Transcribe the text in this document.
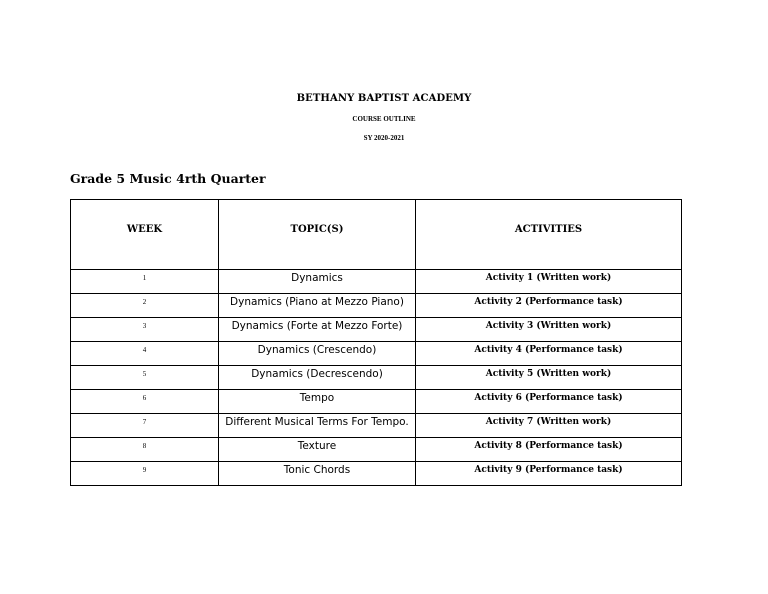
BETHANY BAPTIST ACADEMY
COURSE OUTLINE
SY 2020-2021
Grade 5 Music 4rth Quarter
WEEK	TOPIC(S)	ACTIVITIES
1	Dynamics	Activity 1 (Written work)
2	Dynamics (Piano at Mezzo Piano)	Activity 2 (Performance task)
3	Dynamics (Forte at Mezzo Forte)	Activity 3 (Written work)
4	Dynamics (Crescendo)	Activity 4 (Performance task)
5	Dynamics (Decrescendo)	Activity 5 (Written work)
6	Tempo	Activity 6 (Performance task)
7	Different Musical Terms For Tempo.	Activity 7 (Written work)
8	Texture	Activity 8 (Performance task)
9	Tonic Chords	Activity 9 (Performance task)
